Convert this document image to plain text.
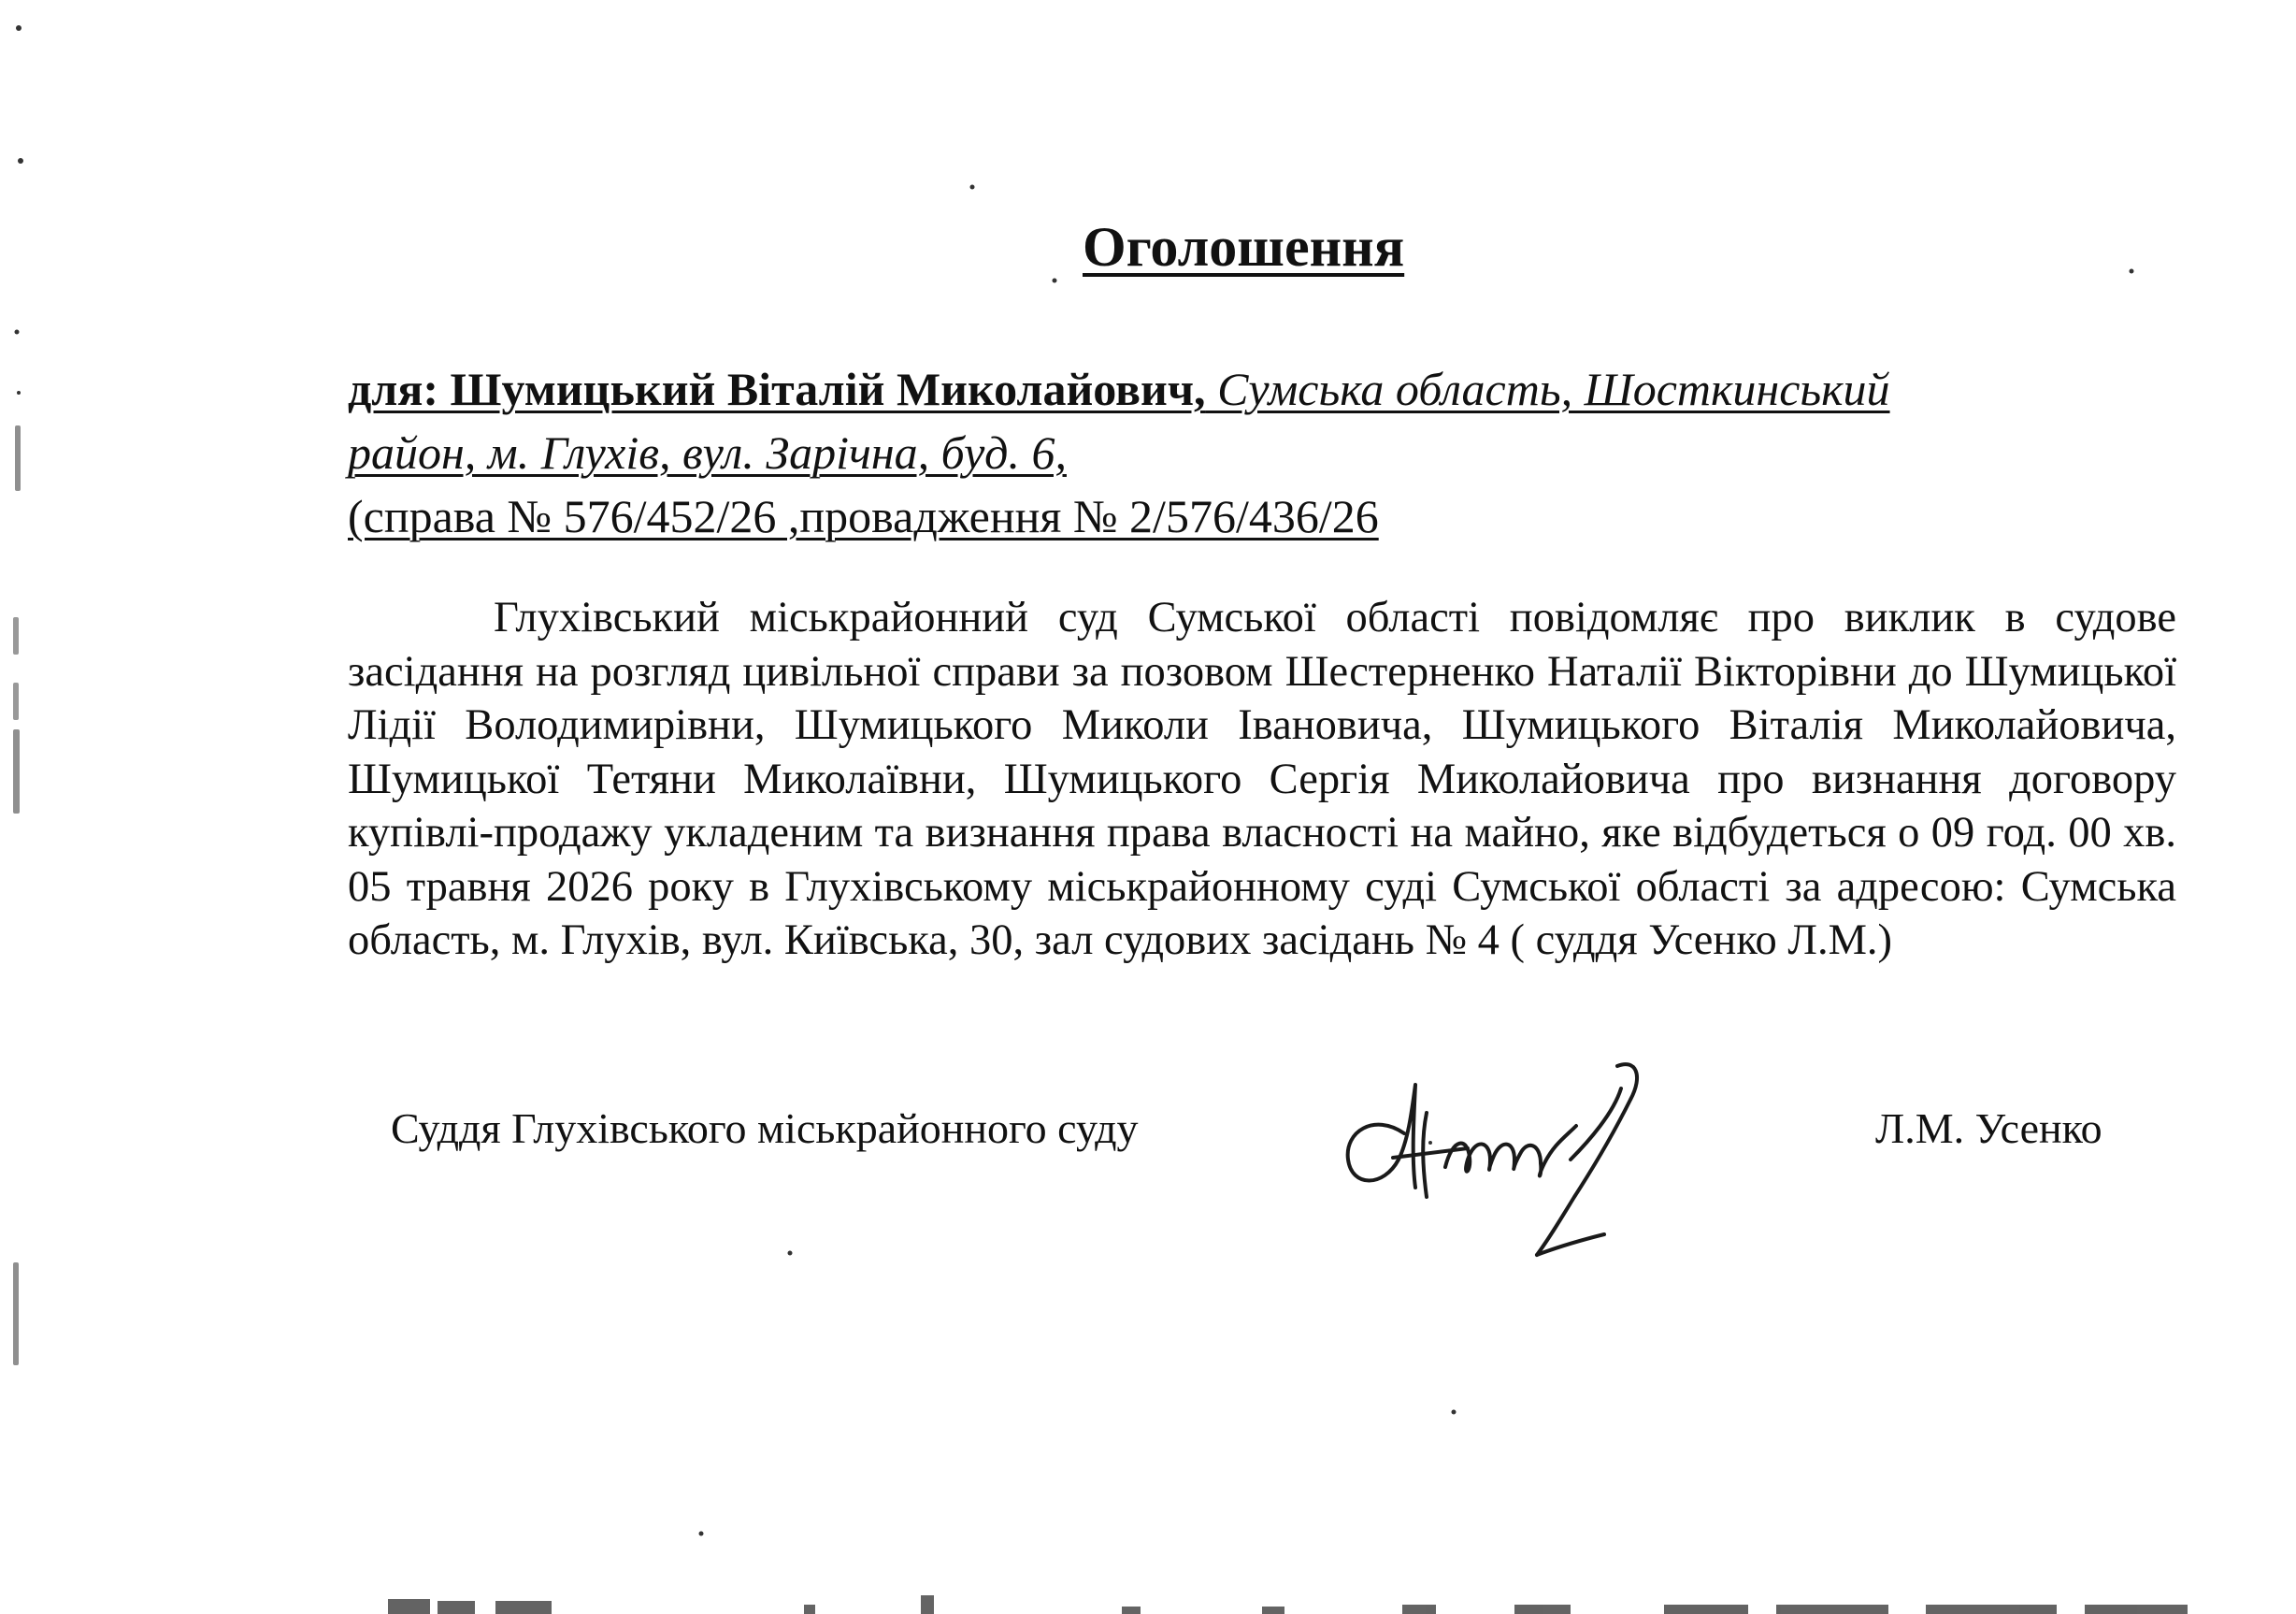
Оголошення
для: Шумицький Віталій Миколайович, Сумська область, Шосткинський
район, м. Глухів, вул. Зарічна, буд. 6,
(справа № 576/452/26 ,провадження № 2/576/436/26

Глухівський міськрайонний суд Сумської області повідомляє про виклик в судове засідання на розгляд цивільної справи за позовом Шестерненко Наталії Вікторівни до Шумицької Лідії Володимирівни, Шумицького Миколи Івановича, Шумицького Віталія Миколайовича, Шумицької Тетяни Миколаївни, Шумицького Сергія Миколайовича про визнання договору купівлі-продажу укладеним та визнання права власності на майно, яке відбудеться о 09 год. 00 хв. 05 травня 2026 року в Глухівському міськрайонному суді Сумської області за адресою: Сумська область, м. Глухів, вул. Київська, 30, зал судових засідань № 4 ( суддя Усенко Л.М.)

Суддя Глухівського міськрайонного суду	Л.М. Усенко
